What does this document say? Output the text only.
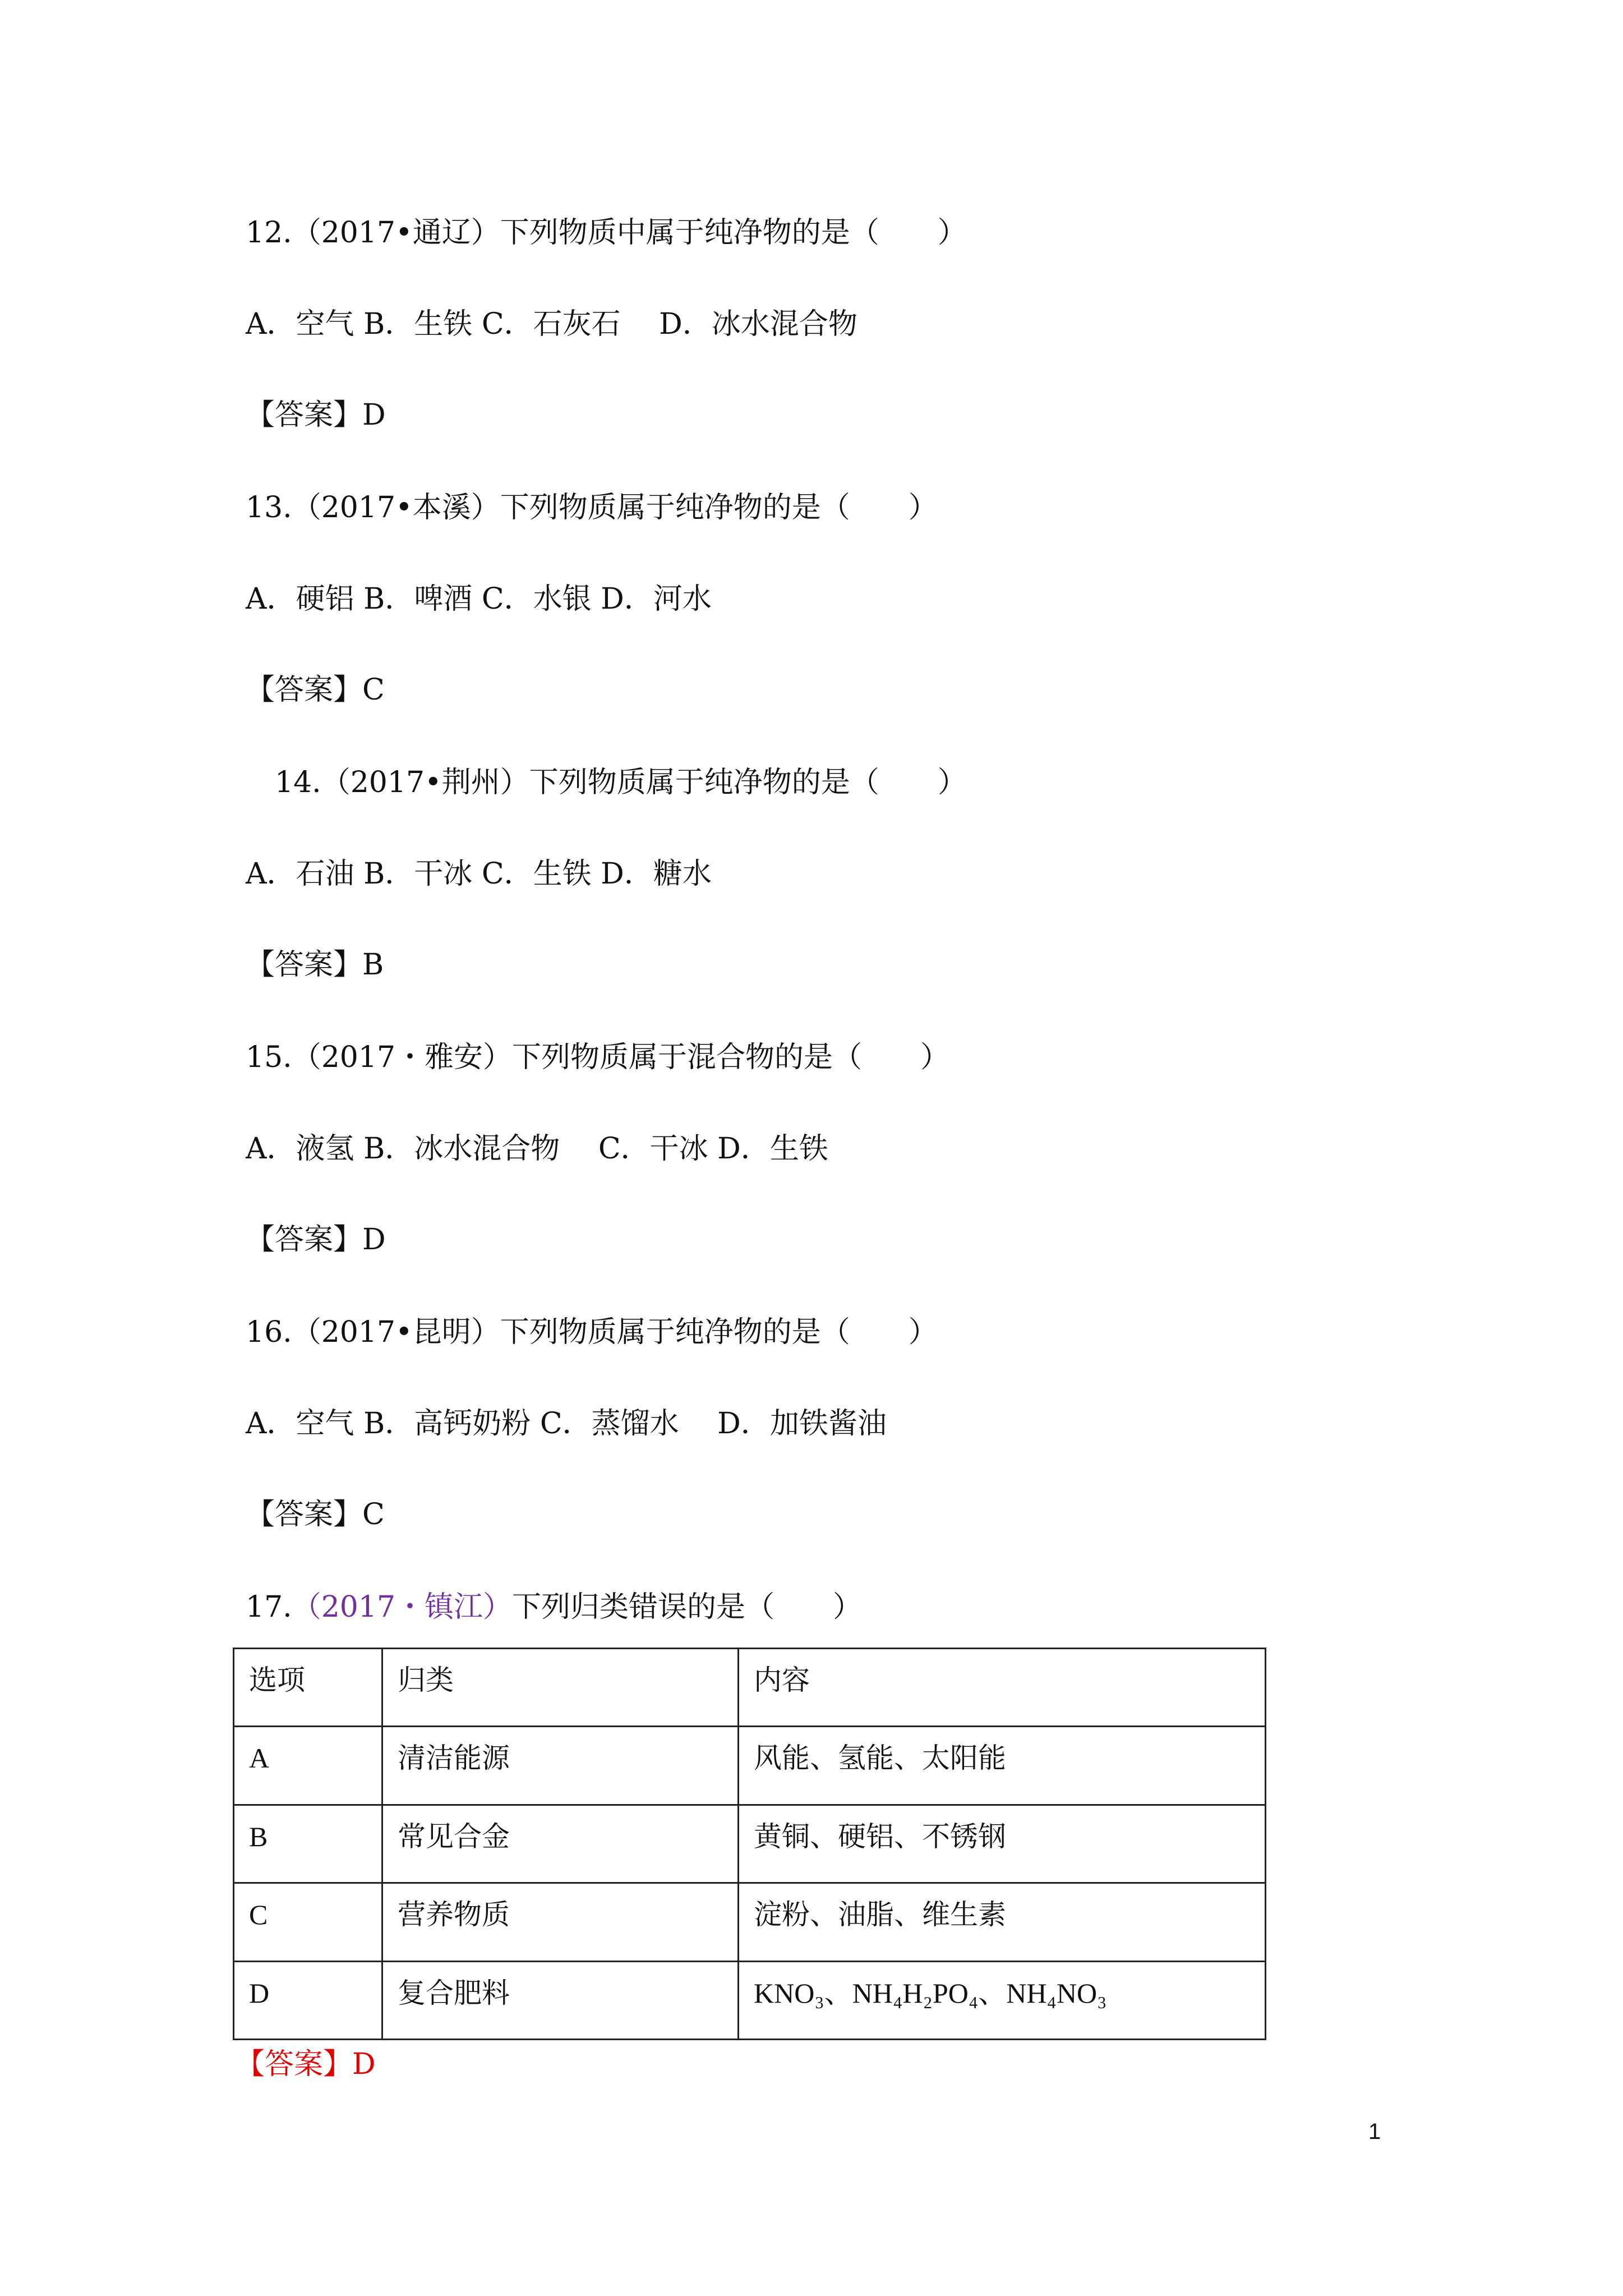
12.（2017•通辽）下列物质中属于纯净物的是（　　）
A．空气 B．生铁 C．石灰石　 D．冰水混合物
【答案】D
13.（2017•本溪）下列物质属于纯净物的是（　　）
A．硬铝 B．啤酒 C．水银 D．河水
【答案】C
14.（2017•荆州）下列物质属于纯净物的是（　　）
A．石油 B．干冰 C．生铁 D．糖水
【答案】B
15.（2017・雅安）下列物质属于混合物的是（　　）
A．液氢 B．冰水混合物　 C．干冰 D．生铁
【答案】D
16.（2017•昆明）下列物质属于纯净物的是（　　）
A．空气 B．高钙奶粉 C．蒸馏水　 D．加铁酱油
【答案】C
17.（2017・镇江）下列归类错误的是（　　）
选项	归类	内容
A	清洁能源	风能、氢能、太阳能
B	常见合金	黄铜、硬铝、不锈钢
C	营养物质	淀粉、油脂、维生素
D	复合肥料	KNO₃、NH₄H₂PO₄、NH₄NO₃
【答案】D
1
